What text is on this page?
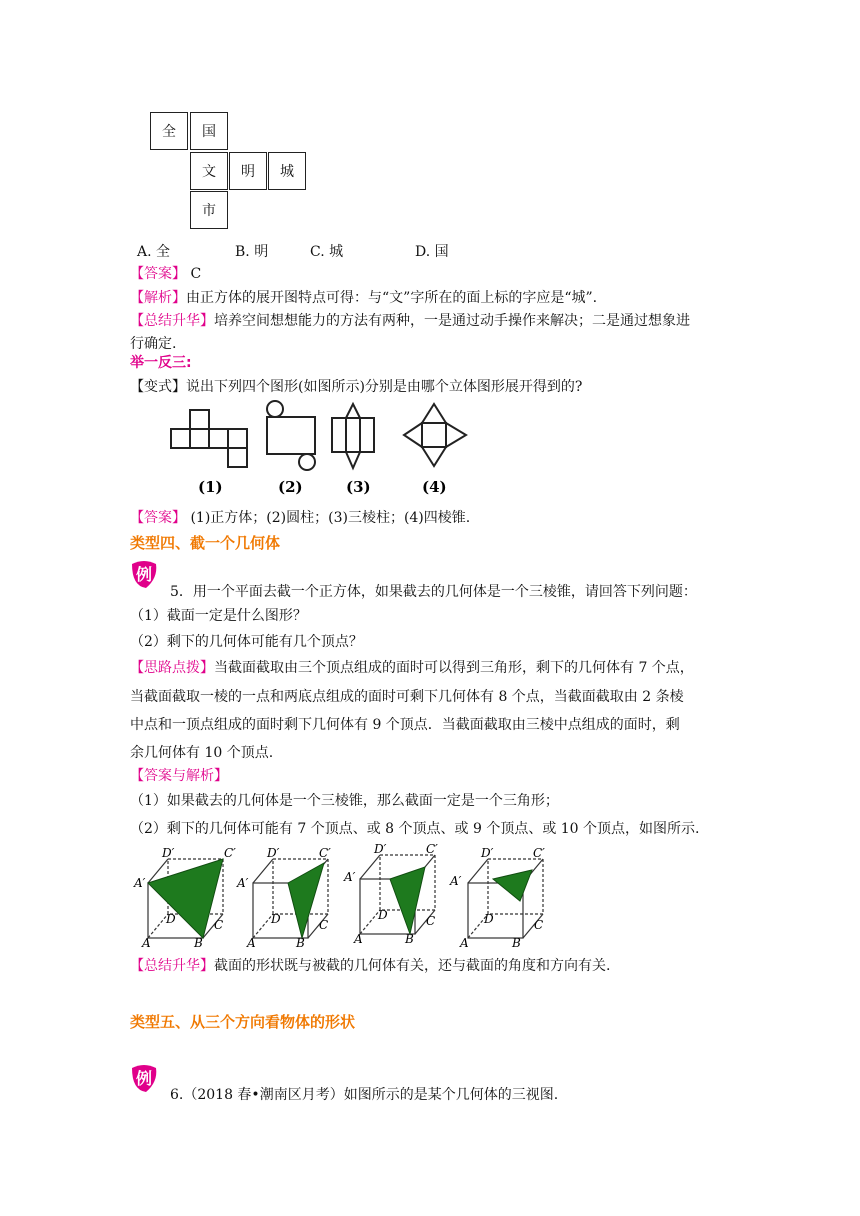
全	国
文	明	城
市
A. 全	B. 明	C. 城	D. 国
【答案】 C
【解析】由正方体的展开图特点可得：与“文”字所在的面上标的字应是“城”.
【总结升华】培养空间想想能力的方法有两种，一是通过动手操作来解决；二是通过想象进
行确定.
举一反三:
【变式】说出下列四个图形(如图所示)分别是由哪个立体图形展开得到的?
(1)	(2)	(3)	(4)
【答案】 (1)正方体；(2)圆柱；(3)三棱柱；(4)四棱锥.
类型四、截一个几何体
例
5．用一个平面去截一个正方体，如果截去的几何体是一个三棱锥，请回答下列问题：
（1）截面一定是什么图形？
（2）剩下的几何体可能有几个顶点？
【思路点拨】当截面截取由三个顶点组成的面时可以得到三角形，剩下的几何体有 7 个点，
当截面截取一棱的一点和两底点组成的面时可剩下几何体有 8 个点，当截面截取由 2 条棱
中点和一顶点组成的面时剩下几何体有 9 个顶点．当截面截取由三棱中点组成的面时，剩
余几何体有 10 个顶点.
【答案与解析】
（1）如果截去的几何体是一个三棱锥，那么截面一定是一个三角形；
（2）剩下的几何体可能有 7 个顶点、或 8 个顶点、或 9 个顶点、或 10 个顶点，如图所示.
D′	C′
A′
D	C
A	B
D′	C′
A′
D	C
A	B
D′	C′
A′
D	C
A	B
D′	C′
A′
D	C
A	B
【总结升华】截面的形状既与被截的几何体有关，还与截面的角度和方向有关.
类型五、从三个方向看物体的形状
例
6.（2018 春•潮南区月考）如图所示的是某个几何体的三视图.
